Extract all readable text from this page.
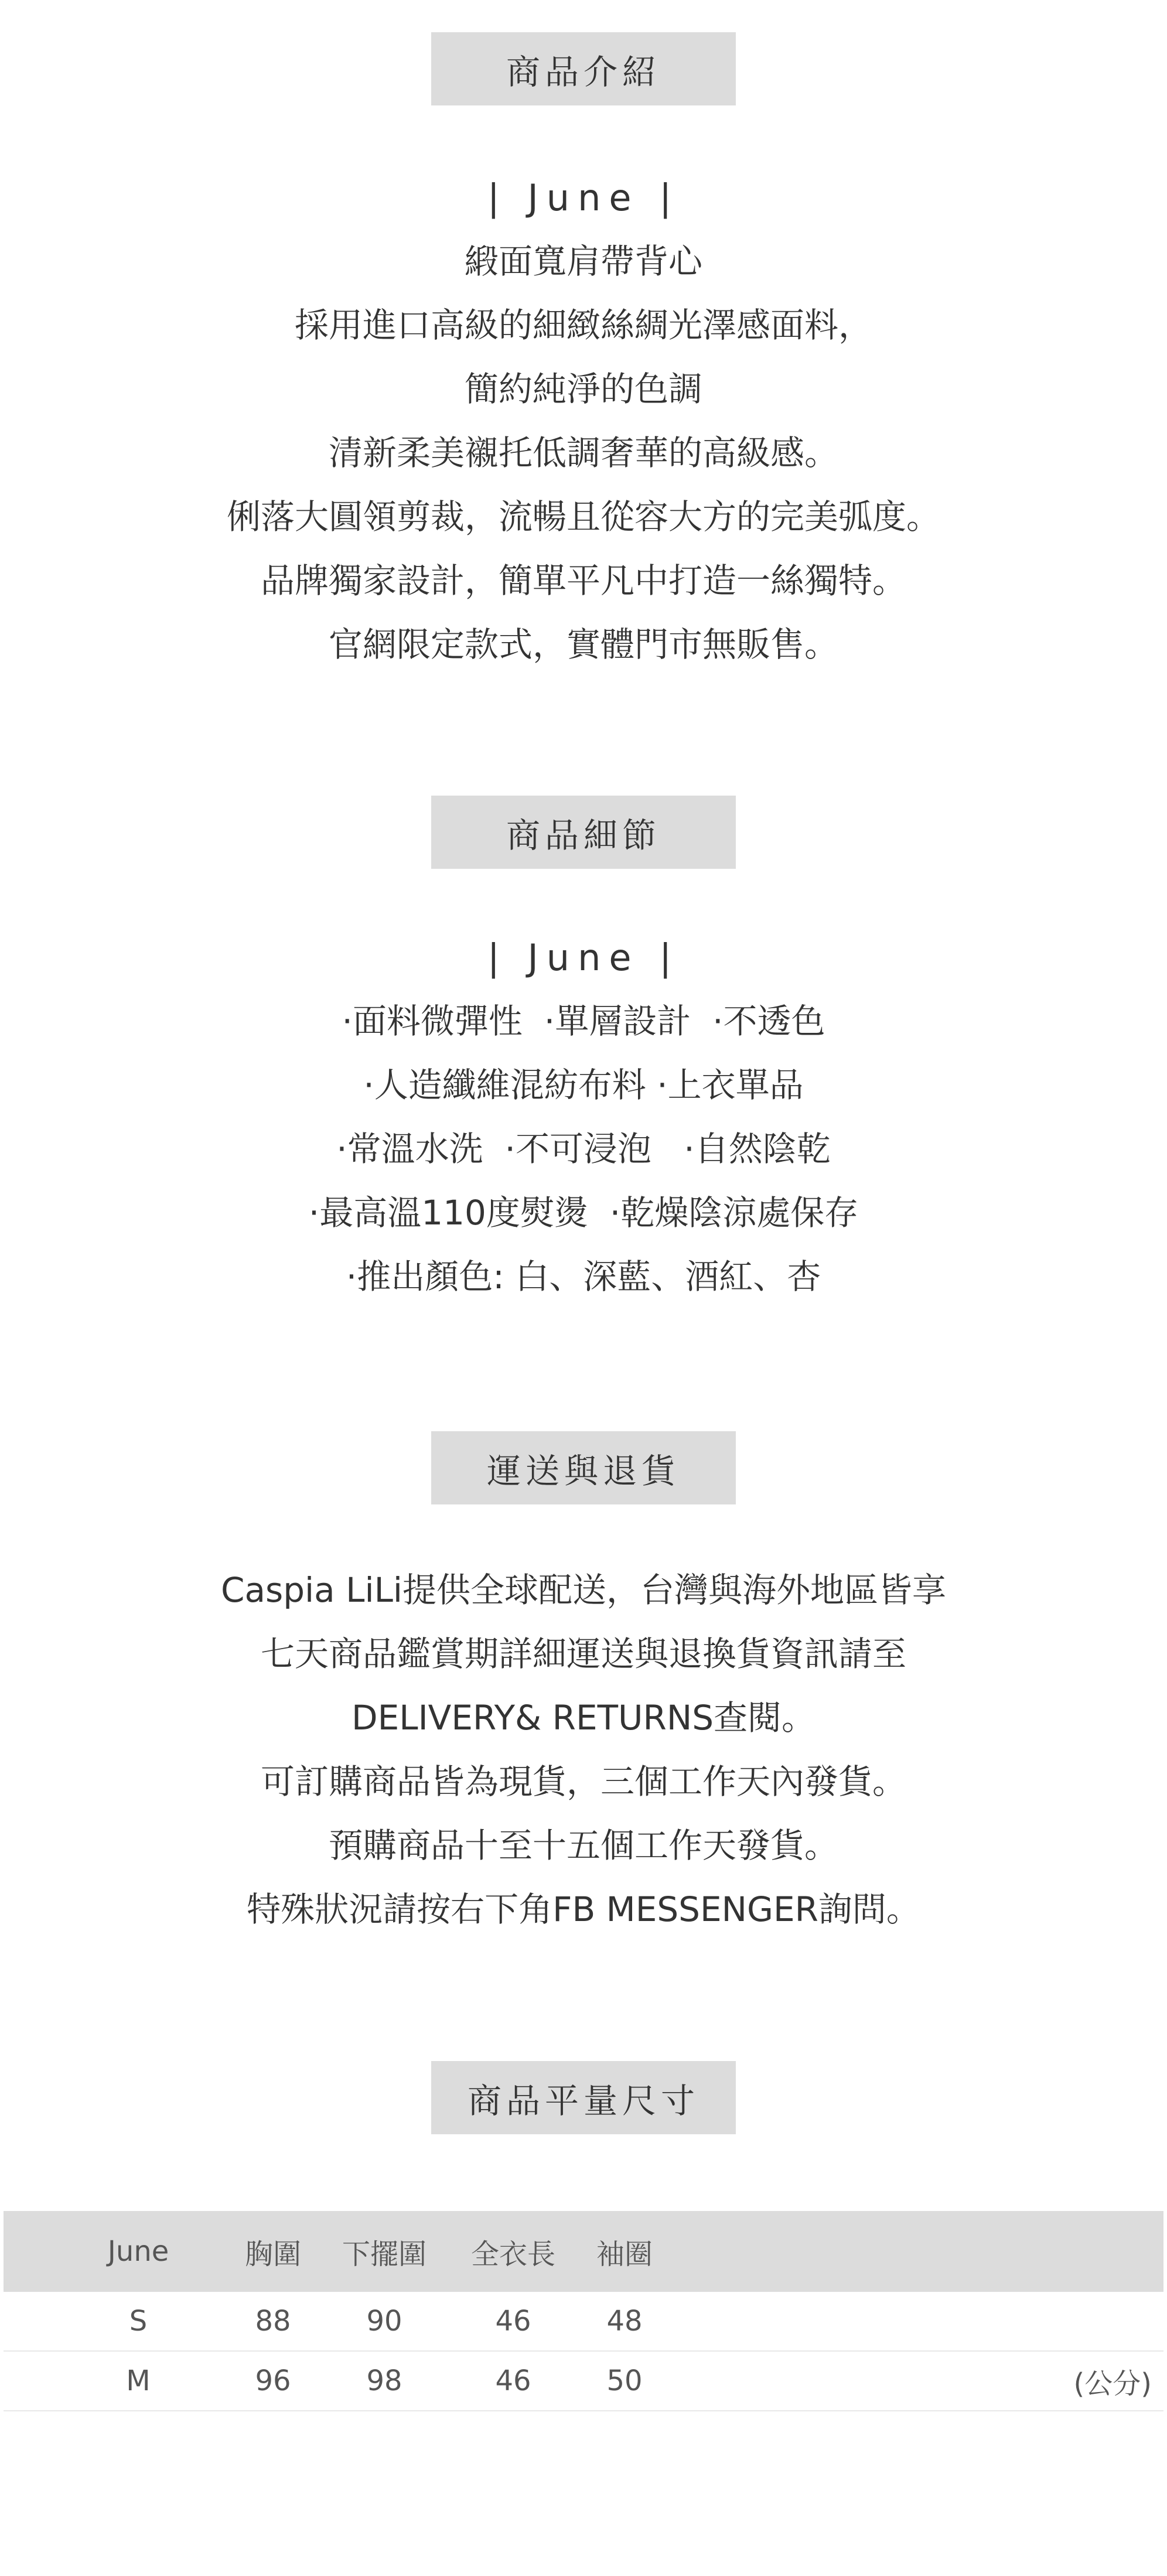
商品介紹
| June |
緞面寬肩帶背心
採用進口高級的細緻絲綢光澤感面料，
簡約純淨的色調
清新柔美襯托低調奢華的高級感。
俐落大圓領剪裁，流暢且從容大方的完美弧度。
品牌獨家設計，簡單平凡中打造一絲獨特。
官網限定款式，實體門市無販售。
商品細節
| June |
·面料微彈性  ·單層設計  ·不透色
·人造纖維混紡布料 ·上衣單品
·常溫水洗  ·不可浸泡   ·自然陰乾
·最高溫110度熨燙  ·乾燥陰涼處保存
·推出顏色: 白、深藍、酒紅、杏
運送與退貨
Caspia LiLi提供全球配送，台灣與海外地區皆享
七天商品鑑賞期詳細運送與退換貨資訊請至
DELIVERY& RETURNS查閱。
可訂購商品皆為現貨，三個工作天內發貨。
預購商品十至十五個工作天發貨。
特殊狀況請按右下角FB MESSENGER詢問。
商品平量尺寸
June	胸圍	下擺圍	全衣長	袖圈
S	88	90	46	48
M	96	98	46	50	(公分)
